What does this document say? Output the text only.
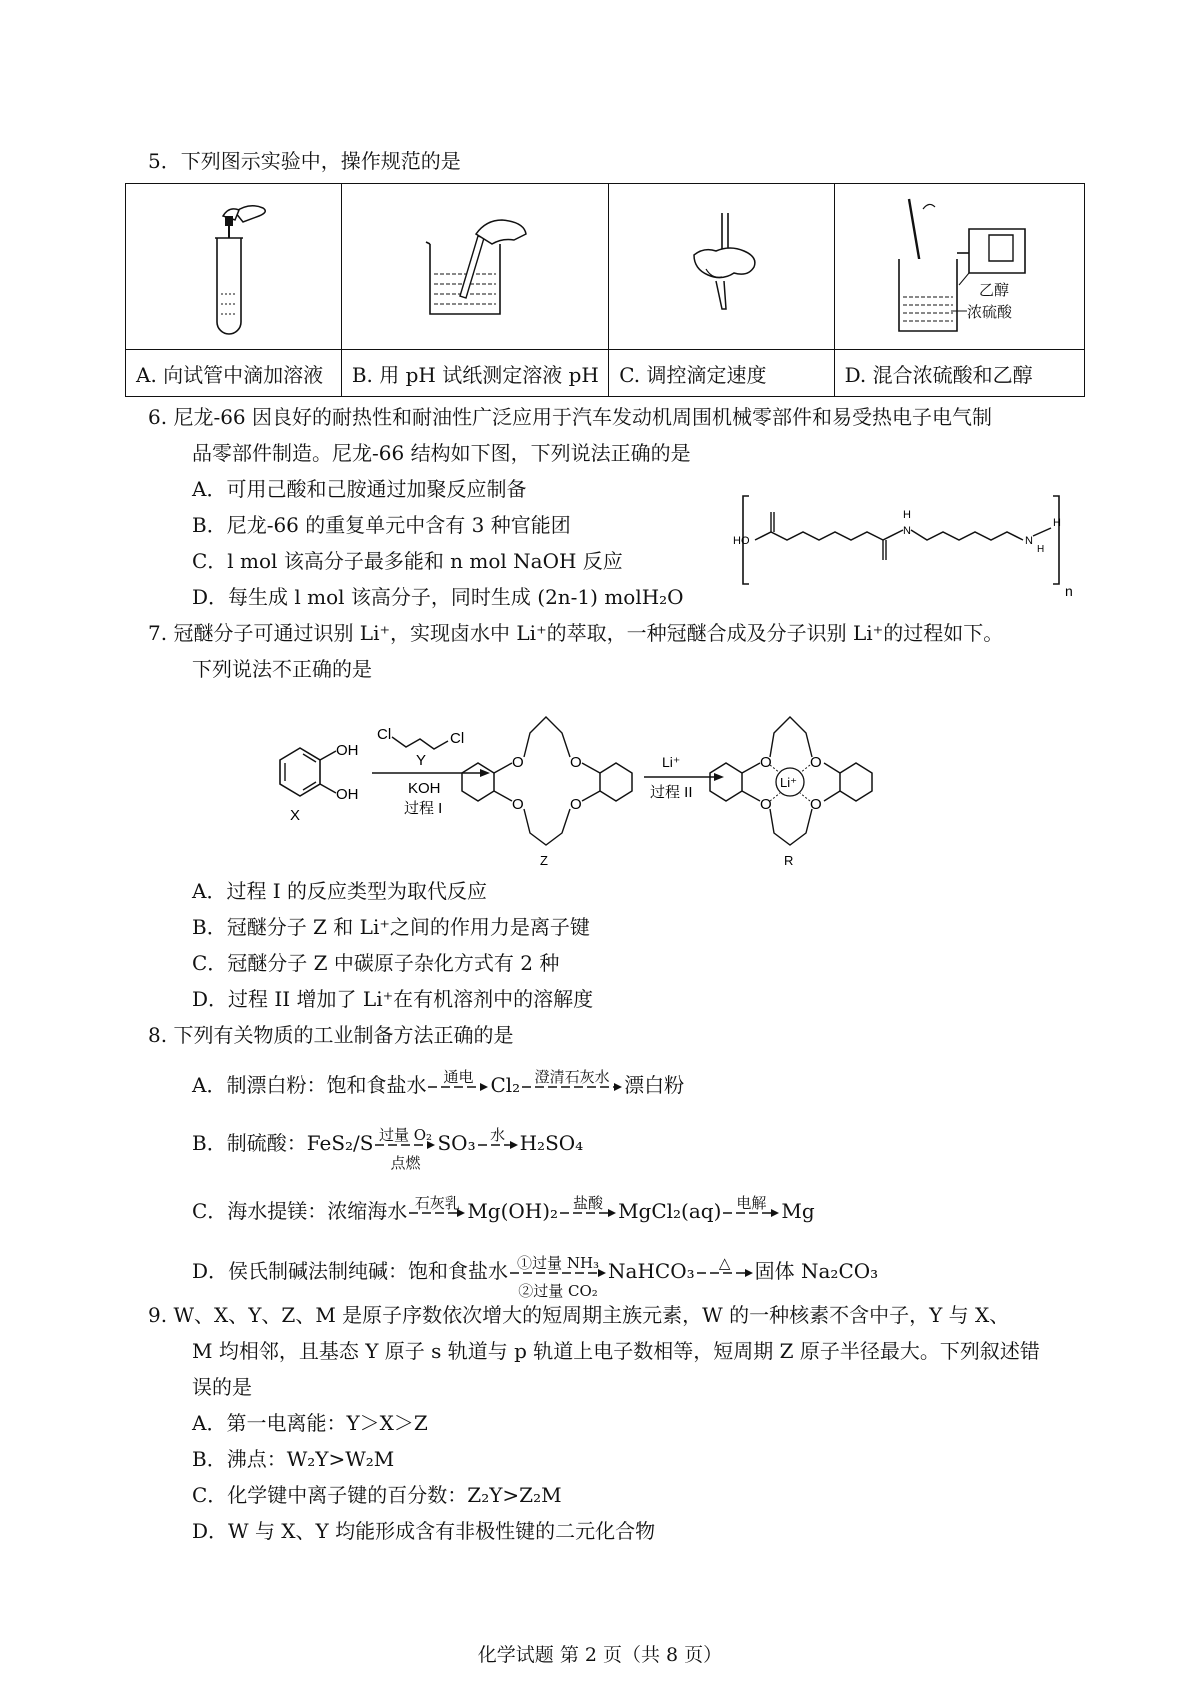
5．下列图示实验中，操作规范的是

乙醇
浓硫酸

A. 向试管中滴加溶液	B. 用 pH 试纸测定溶液 pH	C. 调控滴定速度	D. 混合浓硫酸和乙醇
6. 尼龙-66 因良好的耐热性和耐油性广泛应用于汽车发动机周围机械零部件和易受热电子电气制
品零部件制造。尼龙-66 结构如下图，下列说法正确的是
A．可用己酸和己胺通过加聚反应制备
B．尼龙-66 的重复单元中含有 3 种官能团
C．l mol 该高分子最多能和 n mol NaOH 反应
D．每生成 l mol 该高分子，同时生成 (2n-1) molH₂O
HO
H
N
N
H
H
n
7. 冠醚分子可通过识别 Li⁺，实现卤水中 Li⁺的萃取，一种冠醚合成及分子识别 Li⁺的过程如下。
下列说法不正确的是
OH
OH
X
Cl	Cl
Y
KOH
过程 I
O	O
O	O
Z
Li⁺
过程 II
O	O
O	O
Li⁺
R
A．过程 I 的反应类型为取代反应
B．冠醚分子 Z 和 Li⁺之间的作用力是离子键
C．冠醚分子 Z 中碳原子杂化方式有 2 种
D．过程 II 增加了 Li⁺在有机溶剂中的溶解度
8. 下列有关物质的工业制备方法正确的是
A．制漂白粉：饱和食盐水	通电 Cl₂ 澄清石灰水 漂白粉
B．制硫酸：FeS₂/S 过量 O₂
点燃
SO₃ 水 H₂SO₄
C．海水提镁：浓缩海水 石灰乳 Mg(OH)₂ 盐酸 MgCl₂(aq) 电解 Mg
D．侯氏制碱法制纯碱：饱和食盐水 ①过量 NH₃
②过量 CO₂
NaHCO₃	△	固体 Na₂CO₃
9. W、X、Y、Z、M 是原子序数依次增大的短周期主族元素，W 的一种核素不含中子，Y 与 X、
M 均相邻，且基态 Y 原子 s 轨道与 p 轨道上电子数相等，短周期 Z 原子半径最大。下列叙述错
误的是
A．第一电离能：Y＞X＞Z
B．沸点：W₂Y>W₂M
C．化学键中离子键的百分数：Z₂Y>Z₂M
D．W 与 X、Y 均能形成含有非极性键的二元化合物
化学试题 第 2 页（共 8 页）
